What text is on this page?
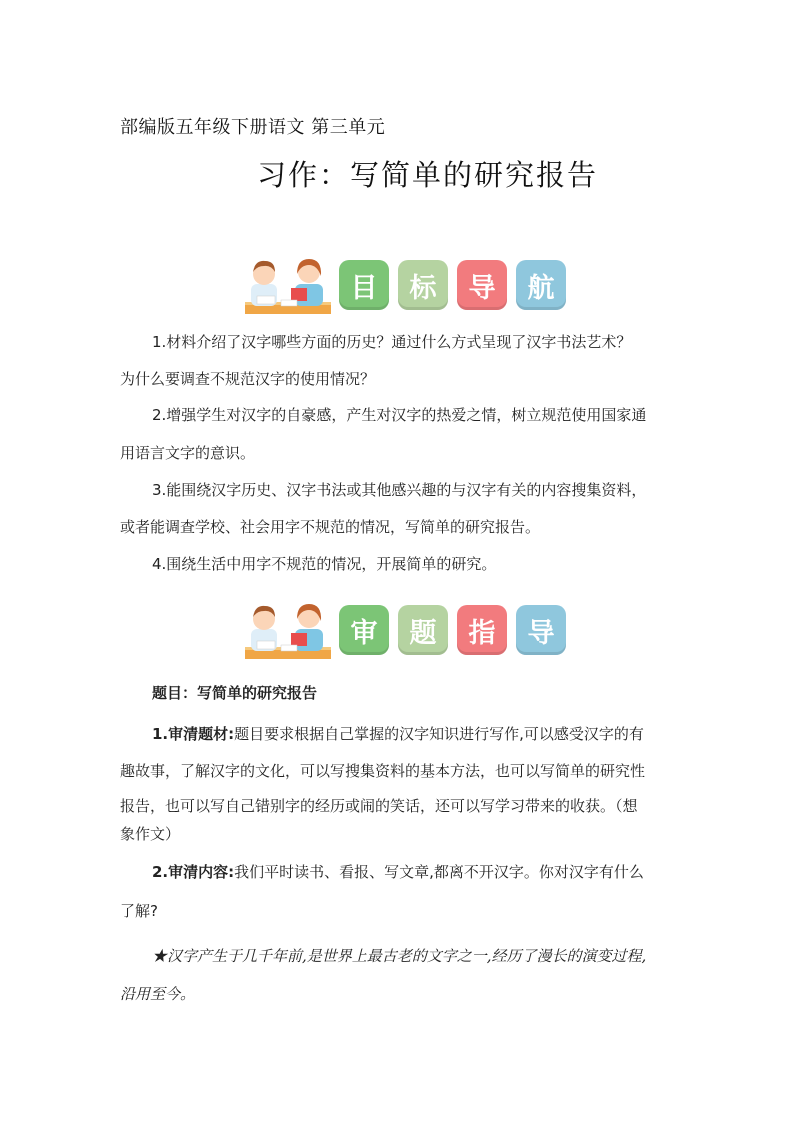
部编版五年级下册语文 第三单元
习作：写简单的研究报告
目	标	导	航
1.材料介绍了汉字哪些方面的历史？通过什么方式呈现了汉字书法艺术？
为什么要调查不规范汉字的使用情况？
2.增强学生对汉字的自豪感，产生对汉字的热爱之情，树立规范使用国家通
用语言文字的意识。
3.能围绕汉字历史、汉字书法或其他感兴趣的与汉字有关的内容搜集资料，
或者能调查学校、社会用字不规范的情况，写简单的研究报告。
4.围绕生活中用字不规范的情况，开展简单的研究。
审	题	指	导
题目：写简单的研究报告
1.审清题材:题目要求根据自己掌握的汉字知识进行写作,可以感受汉字的有
趣故事，了解汉字的文化，可以写搜集资料的基本方法，也可以写简单的研究性
报告，也可以写自己错别字的经历或闹的笑话，还可以写学习带来的收获。（想
象作文）
2.审清内容:我们平时读书、看报、写文章,都离不开汉字。你对汉字有什么
了解?
★汉字产生于几千年前,是世界上最古老的文字之一,经历了漫长的演变过程,
沿用至今。
